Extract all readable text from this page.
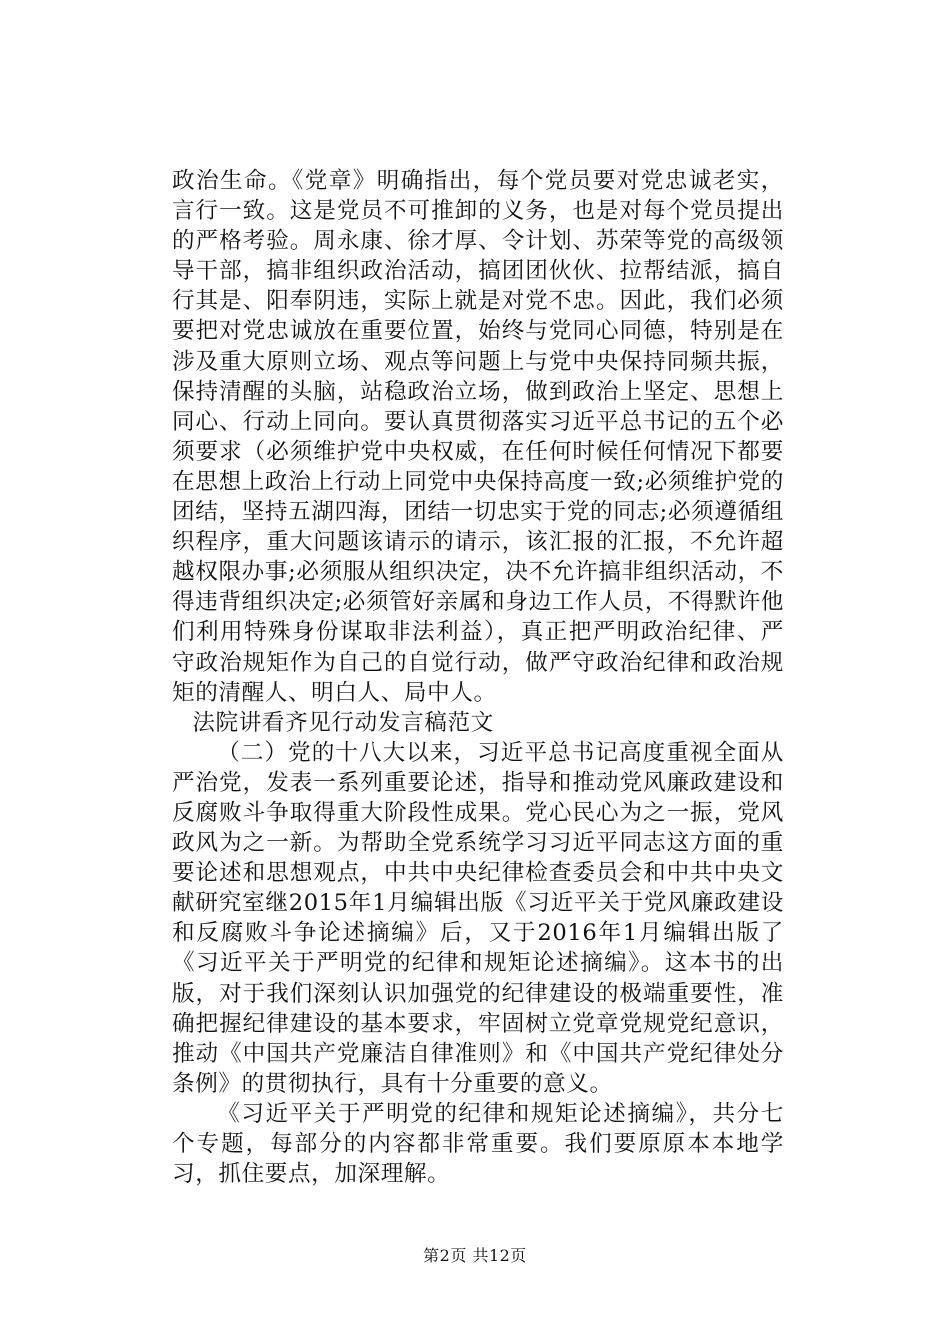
政治生命。《党章》明确指出，每个党员要对党忠诚老实，言行一致。这是党员不可推卸的义务，也是对每个党员提出的严格考验。周永康、徐才厚、令计划、苏荣等党的高级领导干部，搞非组织政治活动，搞团团伙伙、拉帮结派，搞自行其是、阳奉阴违，实际上就是对党不忠。因此，我们必须要把对党忠诚放在重要位置，始终与党同心同德，特别是在涉及重大原则立场、观点等问题上与党中央保持同频共振，保持清醒的头脑，站稳政治立场，做到政治上坚定、思想上同心、行动上同向。要认真贯彻落实习近平总书记的五个必须要求（必须维护党中央权威，在任何时候任何情况下都要在思想上政治上行动上同党中央保持高度一致;必须维护党的团结，坚持五湖四海，团结一切忠实于党的同志;必须遵循组织程序，重大问题该请示的请示，该汇报的汇报，不允许超越权限办事;必须服从组织决定，决不允许搞非组织活动，不得违背组织决定;必须管好亲属和身边工作人员，不得默许他们利用特殊身份谋取非法利益），真正把严明政治纪律、严守政治规矩作为自己的自觉行动，做严守政治纪律和政治规矩的清醒人、明白人、局中人。

法院讲看齐见行动发言稿范文

（二）党的十八大以来，习近平总书记高度重视全面从严治党，发表一系列重要论述，指导和推动党风廉政建设和反腐败斗争取得重大阶段性成果。党心民心为之一振，党风政风为之一新。为帮助全党系统学习习近平同志这方面的重要论述和思想观点，中共中央纪律检查委员会和中共中央文献研究室继2015年1月编辑出版《习近平关于党风廉政建设和反腐败斗争论述摘编》后，又于2016年1月编辑出版了《习近平关于严明党的纪律和规矩论述摘编》。这本书的出版，对于我们深刻认识加强党的纪律建设的极端重要性，准确把握纪律建设的基本要求，牢固树立党章党规党纪意识，推动《中国共产党廉洁自律准则》和《中国共产党纪律处分条例》的贯彻执行，具有十分重要的意义。

《习近平关于严明党的纪律和规矩论述摘编》，共分七个专题，每部分的内容都非常重要。我们要原原本本地学习，抓住要点，加深理解。

第2页 共12页
